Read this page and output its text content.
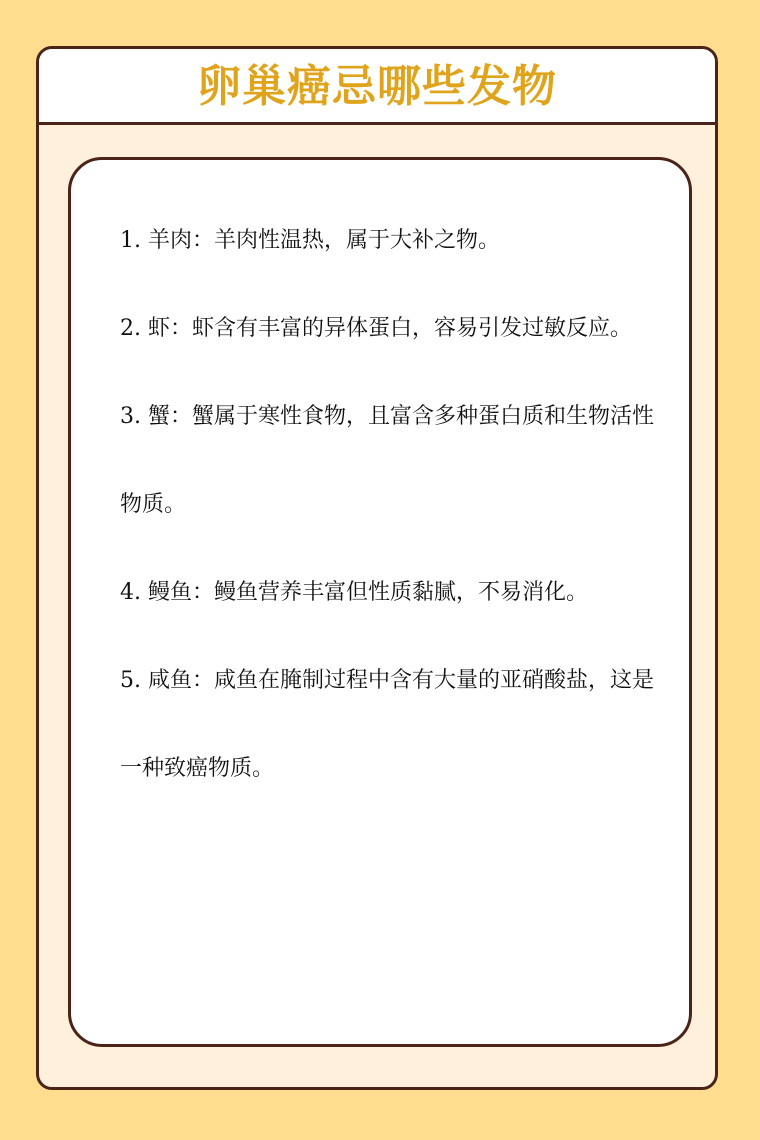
卵巢癌忌哪些发物
1. 羊肉：羊肉性温热，属于大补之物。
2. 虾：虾含有丰富的异体蛋白，容易引发过敏反应。
3. 蟹：蟹属于寒性食物，且富含多种蛋白质和生物活性物质。
4. 鳗鱼：鳗鱼营养丰富但性质黏腻，不易消化。
5. 咸鱼：咸鱼在腌制过程中含有大量的亚硝酸盐，这是一种致癌物质。
